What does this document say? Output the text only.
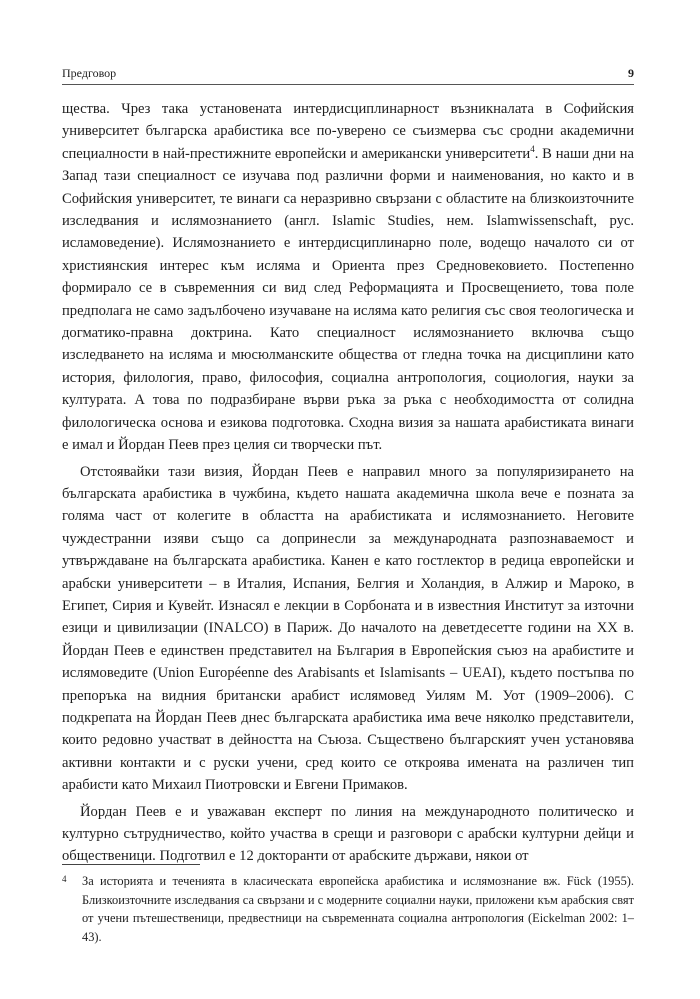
Предговор	9

щества. Чрез така установената интердисциплинарност възникналата в Софийския университет българска арабистика все по-уверено се съизмерва със сродни академични специалности в най-престижните европейски и американски университети$^4$. В наши дни на Запад тази специалност се изучава под различни форми и наименования, но както и в Софийския университет, те винаги са неразривно свързани с областите на близкоизточните изследвания и ислямознанието (англ. Islamic Studies, нем. Islamwissenschaft, рус. исламоведение). Ислямознанието е интердисциплинарно поле, водещо началото си от християнския интерес към исляма и Ориента през Средновековието. Постепенно формирало се в съвременния си вид след Реформацията и Просвещението, това поле предполага не само задълбочено изучаване на исляма като религия със своя теологическа и догматико-правна доктрина. Като специалност ислямознанието включва също изследването на исляма и мюсюлманските общества от гледна точка на дисциплини като история, филология, право, философия, социална антропология, социология, науки за културата. А това по подразбиране върви ръка за ръка с необходимостта от солидна филологическа основа и езикова подготовка. Сходна визия за нашата арабистиката винаги е имал и Йордан Пеев през целия си творчески път.

Отстоявайки тази визия, Йордан Пеев е направил много за популяризирането на българската арабистика в чужбина, където нашата академична школа вече е позната за голяма част от колегите в областта на арабистиката и ислямознанието. Неговите чуждестранни изяви също са допринесли за международната разпознаваемост и утвърждаване на българската арабистика. Канен е като гостлектор в редица европейски и арабски университети – в Италия, Испания, Белгия и Холандия, в Алжир и Мароко, в Египет, Сирия и Кувейт. Изнасял е лекции в Сорбоната и в известния Институт за източни езици и цивилизации (INALCO) в Париж. До началото на деветдесетте години на XX в. Йордан Пеев е единствен представител на България в Европейския съюз на арабистите и ислямоведите (Union Européenne des Arabisants et Islamisants – UEAI), където постъпва по препоръка на видния британски арабист ислямовед Уилям М. Уот (1909–2006). С подкрепата на Йордан Пеев днес българската арабистика има вече няколко представители, които редовно участват в дейността на Съюза. Съществено българският учен установява активни контакти и с руски учени, сред които се откроява имената на различен тип арабисти като Михаил Пиотровски и Евгени Примаков.

Йордан Пеев е и уважаван експерт по линия на международното политическо и културно сътрудничество, който участва в срещи и разговори с арабски културни дейци и общественици. Подготвил е 12 докторанти от арабските държави, някои от

4	За историята и теченията в класическата европейска арабистика и ислямознание вж. Fück (1955). Близкоизточните изследвания са свързани и с модерните социални науки, приложени към арабския свят от учени пътешественици, предвестници на съвременната социална антропология (Eickelman 2002: 1–43).
